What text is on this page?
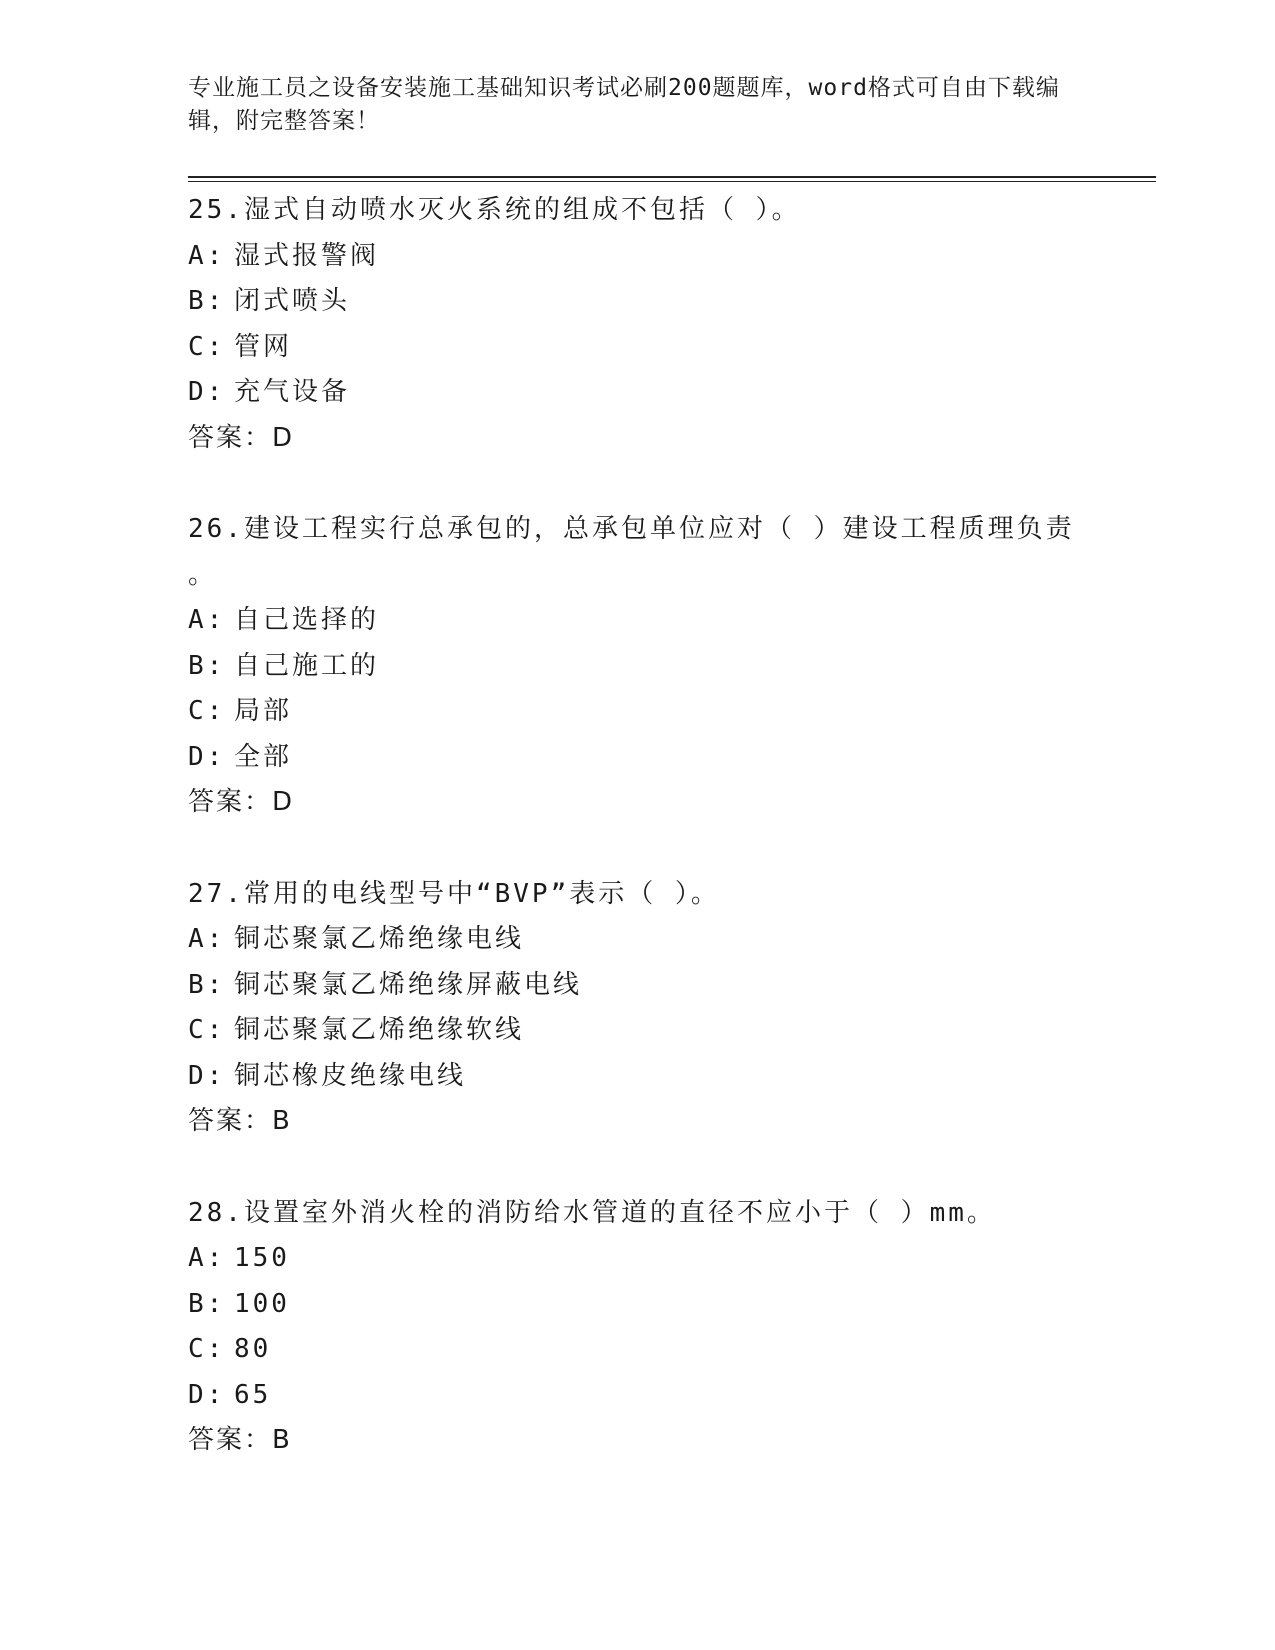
专业施工员之设备安装施工基础知识考试必刷200题题库，word格式可自由下载编辑，附完整答案！
25.湿式自动喷水灭火系统的组成不包括（ ）。
A: 湿式报警阀
B: 闭式喷头
C: 管网
D: 充气设备
答案：D
26.建设工程实行总承包的，总承包单位应对（ ）建设工程质理负责
。
A: 自己选择的
B: 自己施工的
C: 局部
D: 全部
答案：D
27.常用的电线型号中“BVP”表示（ ）。
A: 铜芯聚氯乙烯绝缘电线
B: 铜芯聚氯乙烯绝缘屏蔽电线
C: 铜芯聚氯乙烯绝缘软线
D: 铜芯橡皮绝缘电线
答案：B
28.设置室外消火栓的消防给水管道的直径不应小于（ ）mm。
A: 150
B: 100
C: 80
D: 65
答案：B
